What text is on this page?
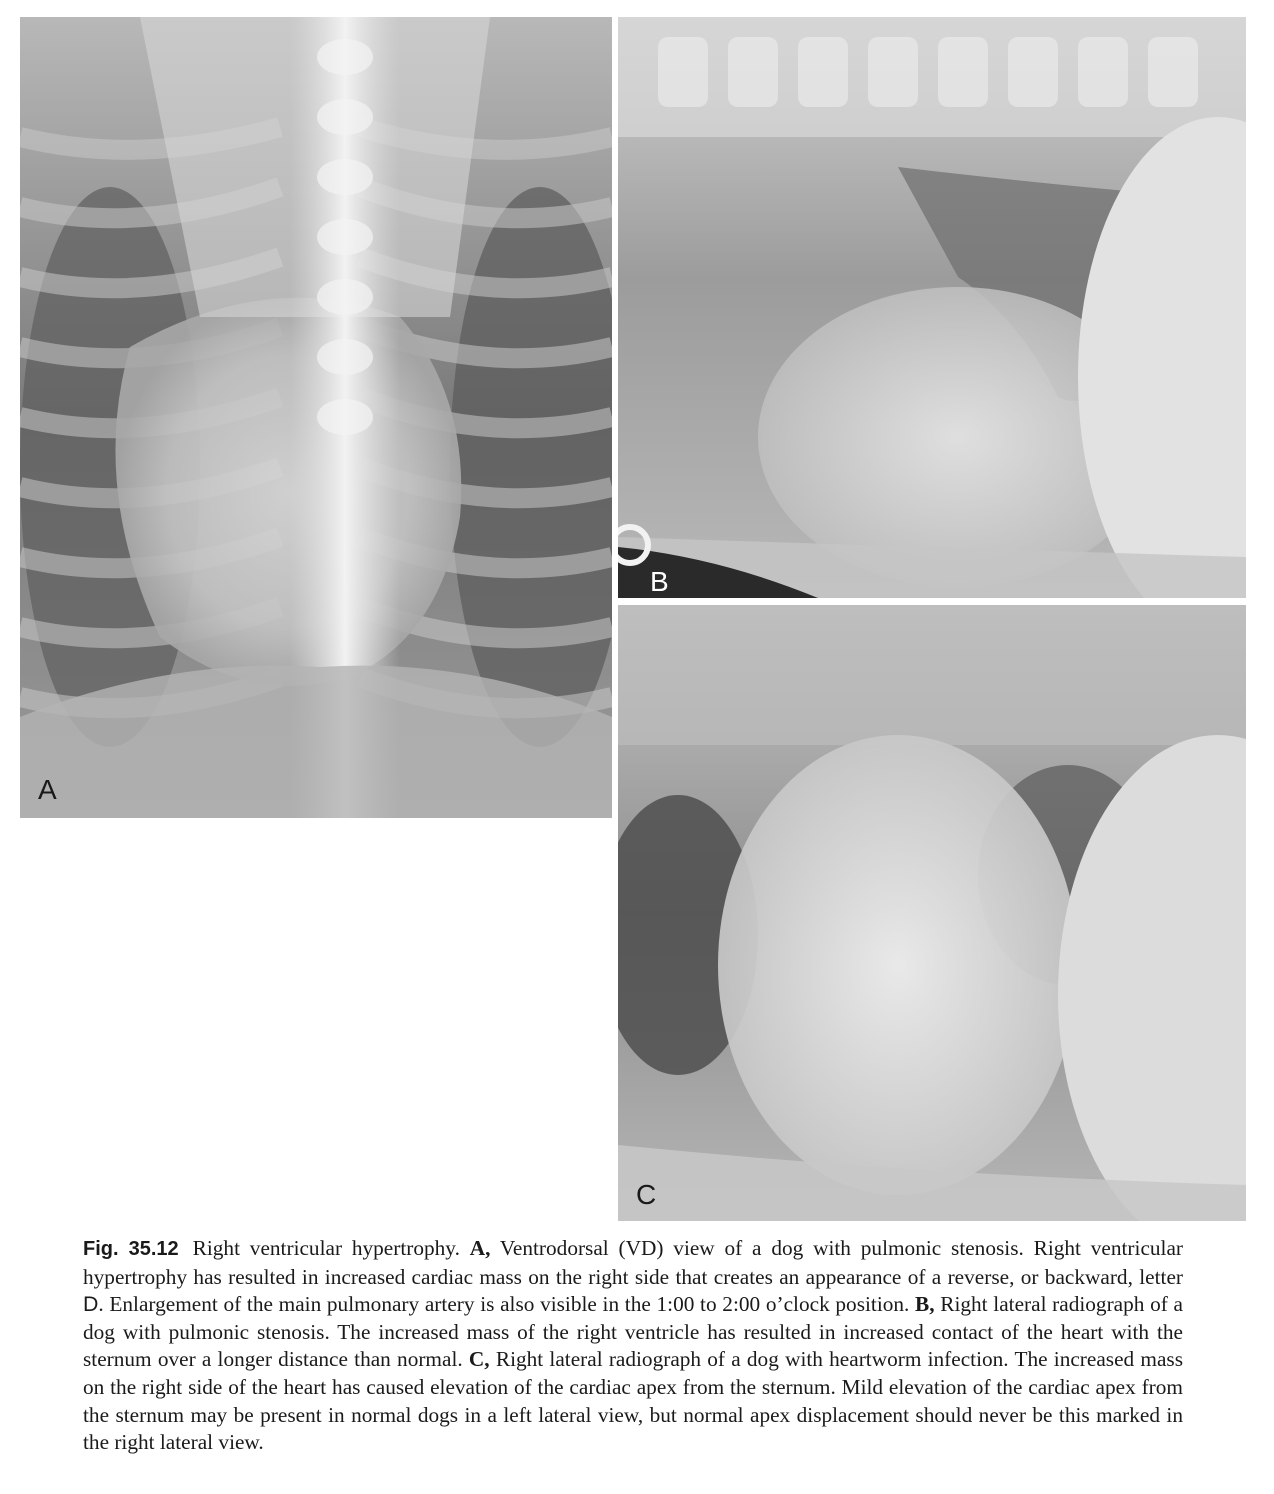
A
B
C
Fig. 35.12 Right ventricular hypertrophy. A, Ventrodorsal (VD) view of a dog with pulmonic stenosis. Right ventricular hypertrophy has resulted in increased cardiac mass on the right side that creates an appearance of a reverse, or backward, letter D. Enlargement of the main pulmonary artery is also visible in the 1:00 to 2:00 o’clock position. B, Right lateral radiograph of a dog with pulmonic stenosis. The increased mass of the right ventricle has resulted in increased contact of the heart with the sternum over a longer distance than normal. C, Right lateral radiograph of a dog with heartworm infection. The increased mass on the right side of the heart has caused elevation of the cardiac apex from the sternum. Mild elevation of the cardiac apex from the sternum may be present in normal dogs in a left lateral view, but normal apex displacement should never be this marked in the right lateral view.
